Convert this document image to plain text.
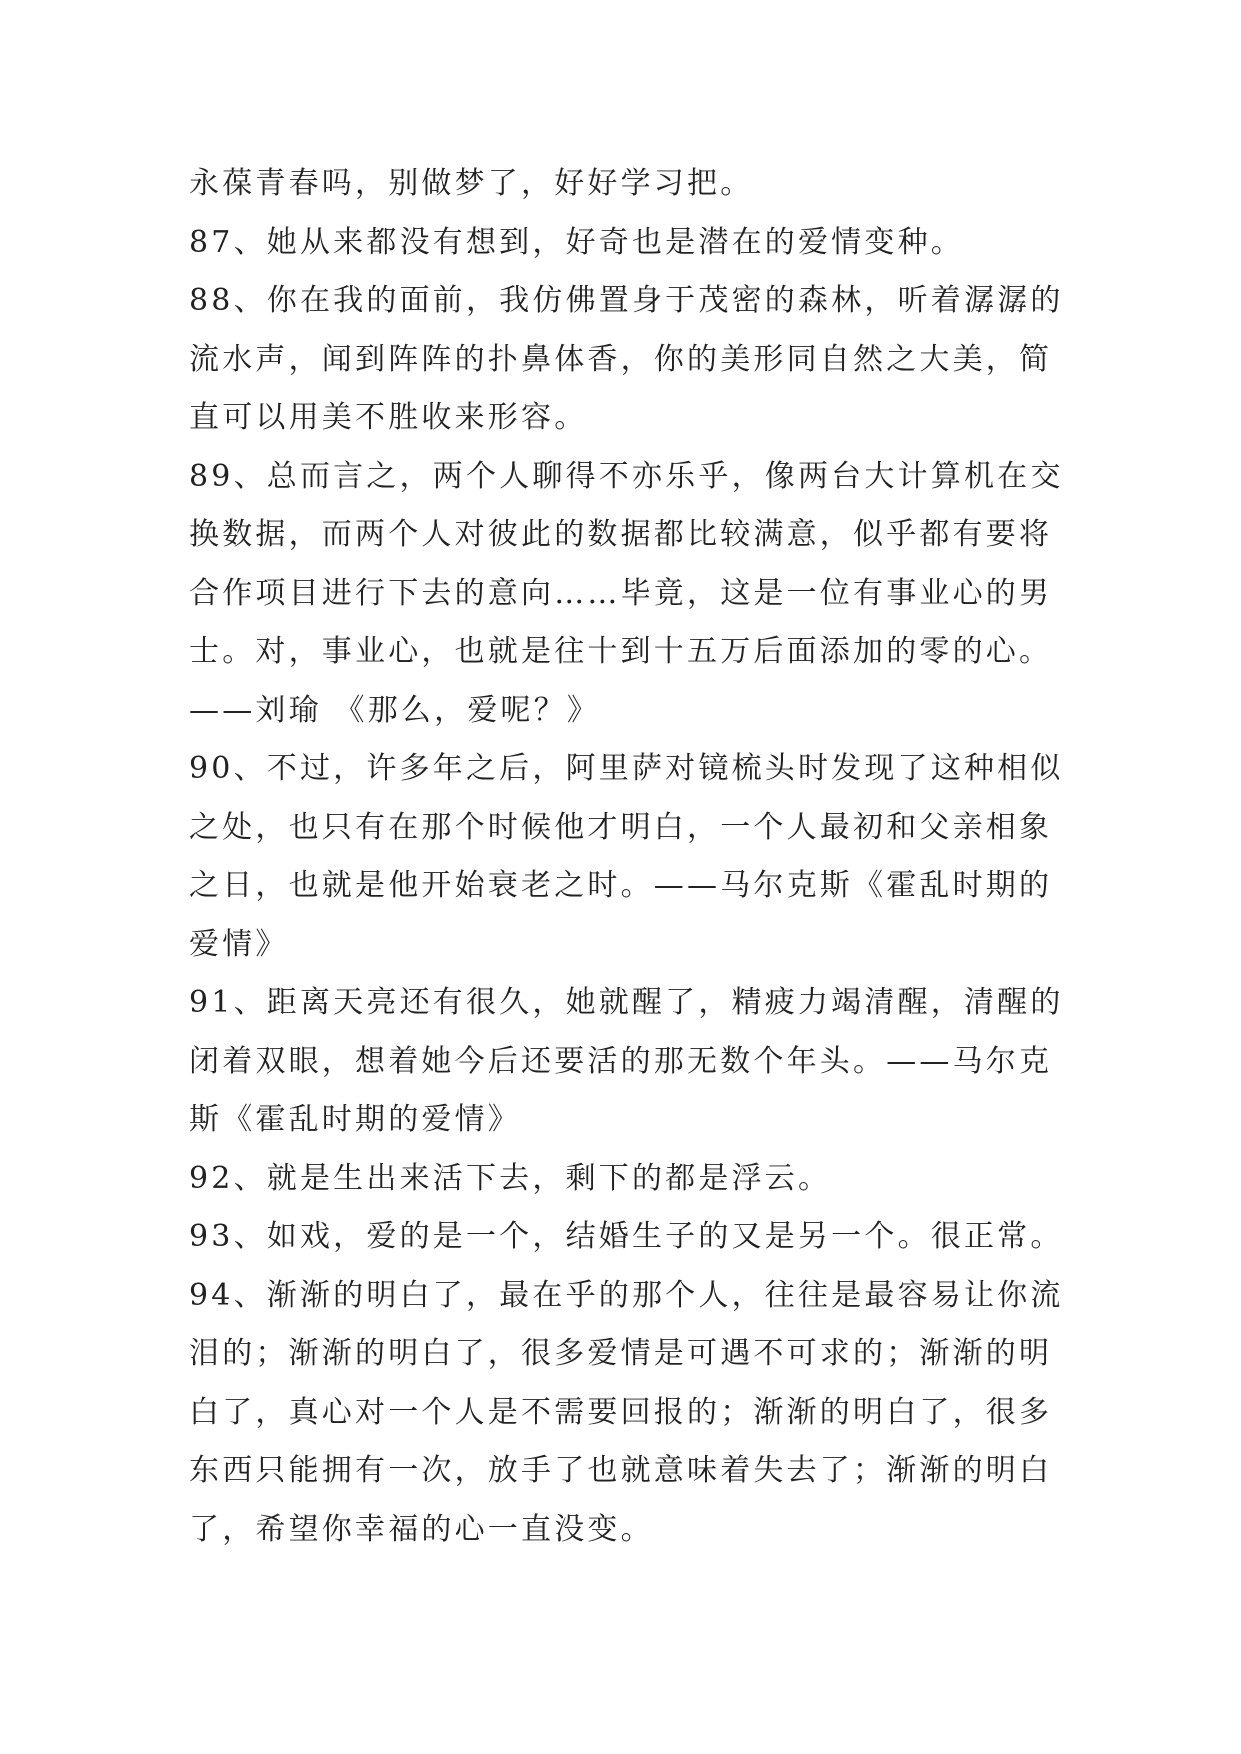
永葆青春吗，别做梦了，好好学习把。
87、她从来都没有想到，好奇也是潜在的爱情变种。
88、你在我的面前，我仿佛置身于茂密的森林，听着潺潺的
流水声，闻到阵阵的扑鼻体香，你的美形同自然之大美，简
直可以用美不胜收来形容。
89、总而言之，两个人聊得不亦乐乎，像两台大计算机在交
换数据，而两个人对彼此的数据都比较满意，似乎都有要将
合作项目进行下去的意向……毕竟，这是一位有事业心的男
士。对，事业心，也就是往十到十五万后面添加的零的心。
——刘瑜 《那么，爱呢？》
90、不过，许多年之后，阿里萨对镜梳头时发现了这种相似
之处，也只有在那个时候他才明白，一个人最初和父亲相象
之日，也就是他开始衰老之时。——马尔克斯《霍乱时期的
爱情》
91、距离天亮还有很久，她就醒了，精疲力竭清醒，清醒的
闭着双眼，想着她今后还要活的那无数个年头。——马尔克
斯《霍乱时期的爱情》
92、就是生出来活下去，剩下的都是浮云。
93、如戏，爱的是一个，结婚生子的又是另一个。很正常。
94、渐渐的明白了，最在乎的那个人，往往是最容易让你流
泪的；渐渐的明白了，很多爱情是可遇不可求的；渐渐的明
白了，真心对一个人是不需要回报的；渐渐的明白了，很多
东西只能拥有一次，放手了也就意味着失去了；渐渐的明白
了，希望你幸福的心一直没变。
